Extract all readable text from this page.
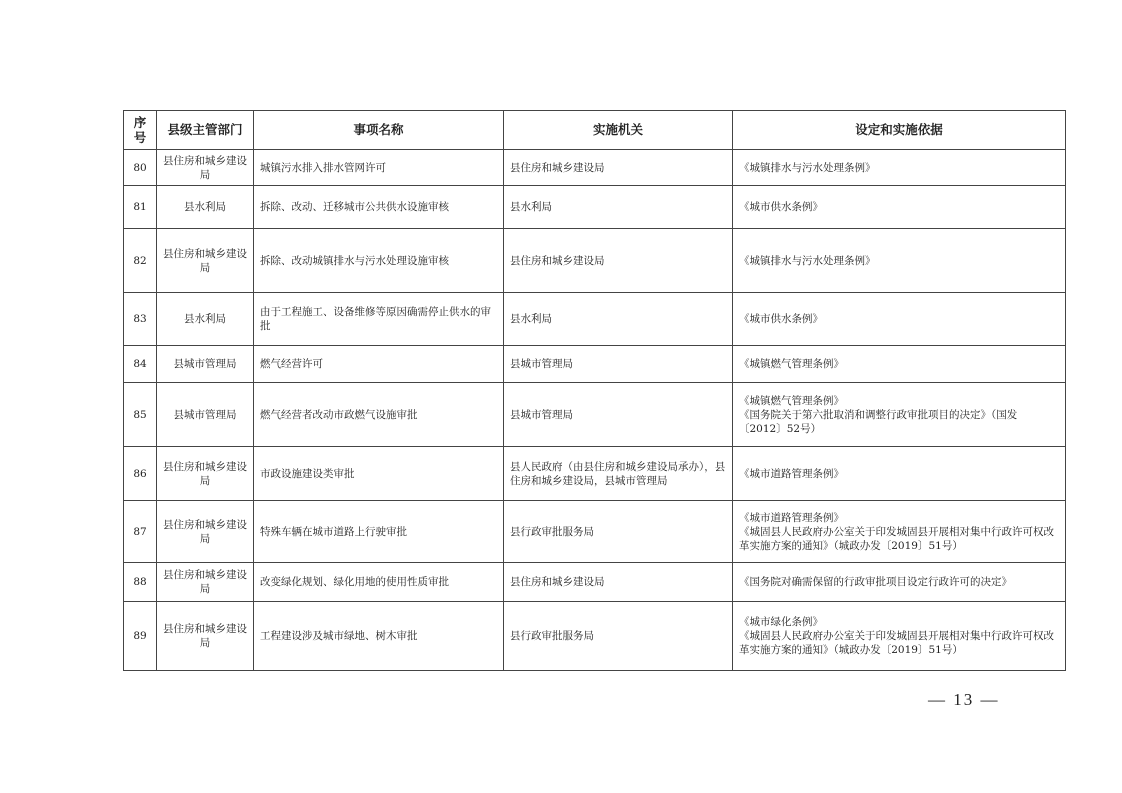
序号	县级主管部门	事项名称	实施机关	设定和实施依据
80	县住房和城乡建设局	城镇污水排入排水管网许可	县住房和城乡建设局	《城镇排水与污水处理条例》
81	县水利局	拆除、改动、迁移城市公共供水设施审核	县水利局	《城市供水条例》
82	县住房和城乡建设局	拆除、改动城镇排水与污水处理设施审核	县住房和城乡建设局	《城镇排水与污水处理条例》
83	县水利局	由于工程施工、设备维修等原因确需停止供水的审批	县水利局	《城市供水条例》
84	县城市管理局	燃气经营许可	县城市管理局	《城镇燃气管理条例》
85	县城市管理局	燃气经营者改动市政燃气设施审批	县城市管理局	《城镇燃气管理条例》
《国务院关于第六批取消和调整行政审批项目的决定》（国发〔2012〕52号）
86	县住房和城乡建设局	市政设施建设类审批	县人民政府（由县住房和城乡建设局承办），县住房和城乡建设局，县城市管理局	《城市道路管理条例》
87	县住房和城乡建设局	特殊车辆在城市道路上行驶审批	县行政审批服务局	《城市道路管理条例》
《城固县人民政府办公室关于印发城固县开展相对集中行政许可权改革实施方案的通知》（城政办发〔2019〕51号）
88	县住房和城乡建设局	改变绿化规划、绿化用地的使用性质审批	县住房和城乡建设局	《国务院对确需保留的行政审批项目设定行政许可的决定》
89	县住房和城乡建设局	工程建设涉及城市绿地、树木审批	县行政审批服务局	《城市绿化条例》
《城固县人民政府办公室关于印发城固县开展相对集中行政许可权改革实施方案的通知》（城政办发〔2019〕51号）
— 13 —
